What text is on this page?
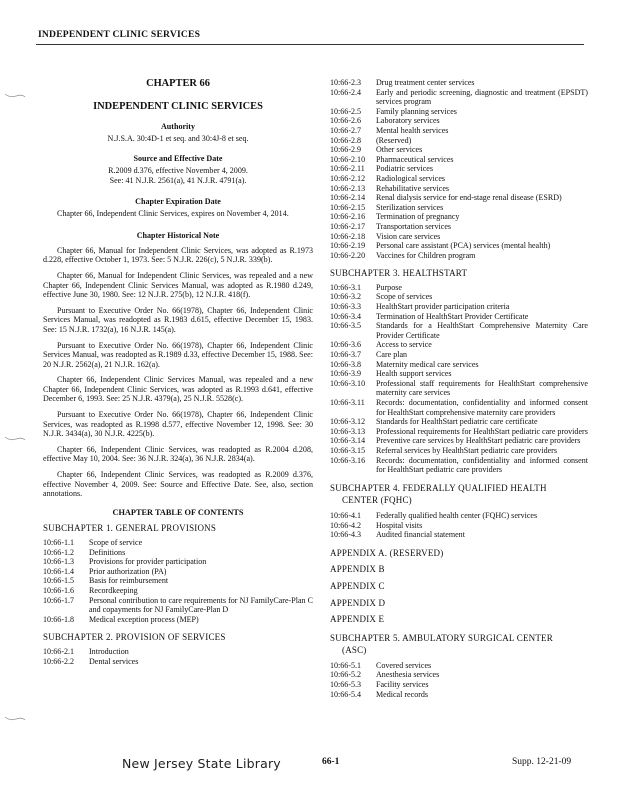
INDEPENDENT CLINIC SERVICES
CHAPTER 66
INDEPENDENT CLINIC SERVICES
Authority
N.J.S.A. 30:4D-1 et seq. and 30:4J-8 et seq.
Source and Effective Date
R.2009 d.376, effective November 4, 2009.
See: 41 N.J.R. 2561(a), 41 N.J.R. 4791(a).
Chapter Expiration Date
Chapter 66, Independent Clinic Services, expires on November 4, 2014.
Chapter Historical Note
Chapter 66, Manual for Independent Clinic Services, was adopted as R.1973 d.228, effective October 1, 1973. See: 5 N.J.R. 226(c), 5 N.J.R. 339(b).
Chapter 66, Manual for Independent Clinic Services, was repealed and a new Chapter 66, Independent Clinic Services Manual, was adopted as R.1980 d.249, effective June 30, 1980. See: 12 N.J.R. 275(b), 12 N.J.R. 418(f).
Pursuant to Executive Order No. 66(1978), Chapter 66, Independent Clinic Services Manual, was readopted as R.1983 d.615, effective December 15, 1983. See: 15 N.J.R. 1732(a), 16 N.J.R. 145(a).
Pursuant to Executive Order No. 66(1978), Chapter 66, Independent Clinic Services Manual, was readopted as R.1989 d.33, effective December 15, 1988. See: 20 N.J.R. 2562(a), 21 N.J.R. 162(a).
Chapter 66, Independent Clinic Services Manual, was repealed and a new Chapter 66, Independent Clinic Services, was adopted as R.1993 d.641, effective December 6, 1993. See: 25 N.J.R. 4379(a), 25 N.J.R. 5528(c).
Pursuant to Executive Order No. 66(1978), Chapter 66, Independent Clinic Services, was readopted as R.1998 d.577, effective November 12, 1998. See: 30 N.J.R. 3434(a), 30 N.J.R. 4225(b).
Chapter 66, Independent Clinic Services, was readopted as R.2004 d.208, effective May 10, 2004. See: 36 N.J.R. 324(a), 36 N.J.R. 2834(a).
Chapter 66, Independent Clinic Services, was readopted as R.2009 d.376, effective November 4, 2009. See: Source and Effective Date. See, also, section annotations.
CHAPTER TABLE OF CONTENTS
SUBCHAPTER 1. GENERAL PROVISIONS
10:66-1.1	Scope of service
10:66-1.2	Definitions
10:66-1.3	Provisions for provider participation
10:66-1.4	Prior authorization (PA)
10:66-1.5	Basis for reimbursement
10:66-1.6	Recordkeeping
10:66-1.7	Personal contribution to care requirements for NJ FamilyCare-Plan C and copayments for NJ FamilyCare-Plan D
10:66-1.8	Medical exception process (MEP)
SUBCHAPTER 2. PROVISION OF SERVICES
10:66-2.1	Introduction
10:66-2.2	Dental services
10:66-2.3	Drug treatment center services
10:66-2.4	Early and periodic screening, diagnostic and treatment (EPSDT) services program
10:66-2.5	Family planning services
10:66-2.6	Laboratory services
10:66-2.7	Mental health services
10:66-2.8	(Reserved)
10:66-2.9	Other services
10:66-2.10	Pharmaceutical services
10:66-2.11	Podiatric services
10:66-2.12	Radiological services
10:66-2.13	Rehabilitative services
10:66-2.14	Renal dialysis service for end-stage renal disease (ESRD)
10:66-2.15	Sterilization services
10:66-2.16	Termination of pregnancy
10:66-2.17	Transportation services
10:66-2.18	Vision care services
10:66-2.19	Personal care assistant (PCA) services (mental health)
10:66-2.20	Vaccines for Children program
SUBCHAPTER 3. HEALTHSTART
10:66-3.1	Purpose
10:66-3.2	Scope of services
10:66-3.3	HealthStart provider participation criteria
10:66-3.4	Termination of HealthStart Provider Certificate
10:66-3.5	Standards for a HealthStart Comprehensive Maternity Care Provider Certificate
10:66-3.6	Access to service
10:66-3.7	Care plan
10:66-3.8	Maternity medical care services
10:66-3.9	Health support services
10:66-3.10	Professional staff requirements for HealthStart comprehensive maternity care services
10:66-3.11	Records: documentation, confidentiality and informed consent for HealthStart comprehensive maternity care providers
10:66-3.12	Standards for HealthStart pediatric care certificate
10:66-3.13	Professional requirements for HealthStart pediatric care providers
10:66-3.14	Preventive care services by HealthStart pediatric care providers
10:66-3.15	Referral services by HealthStart pediatric care providers
10:66-3.16	Records: documentation, confidentiality and informed consent for HealthStart pediatric care providers
SUBCHAPTER 4. FEDERALLY QUALIFIED HEALTH
CENTER (FQHC)
10:66-4.1	Federally qualified health center (FQHC) services
10:66-4.2	Hospital visits
10:66-4.3	Audited financial statement
APPENDIX A. (RESERVED)
APPENDIX B
APPENDIX C
APPENDIX D
APPENDIX E
SUBCHAPTER 5. AMBULATORY SURGICAL CENTER
(ASC)
10:66-5.1	Covered services
10:66-5.2	Anesthesia services
10:66-5.3	Facility services
10:66-5.4	Medical records
New Jersey State Library	66-1	Supp. 12-21-09
